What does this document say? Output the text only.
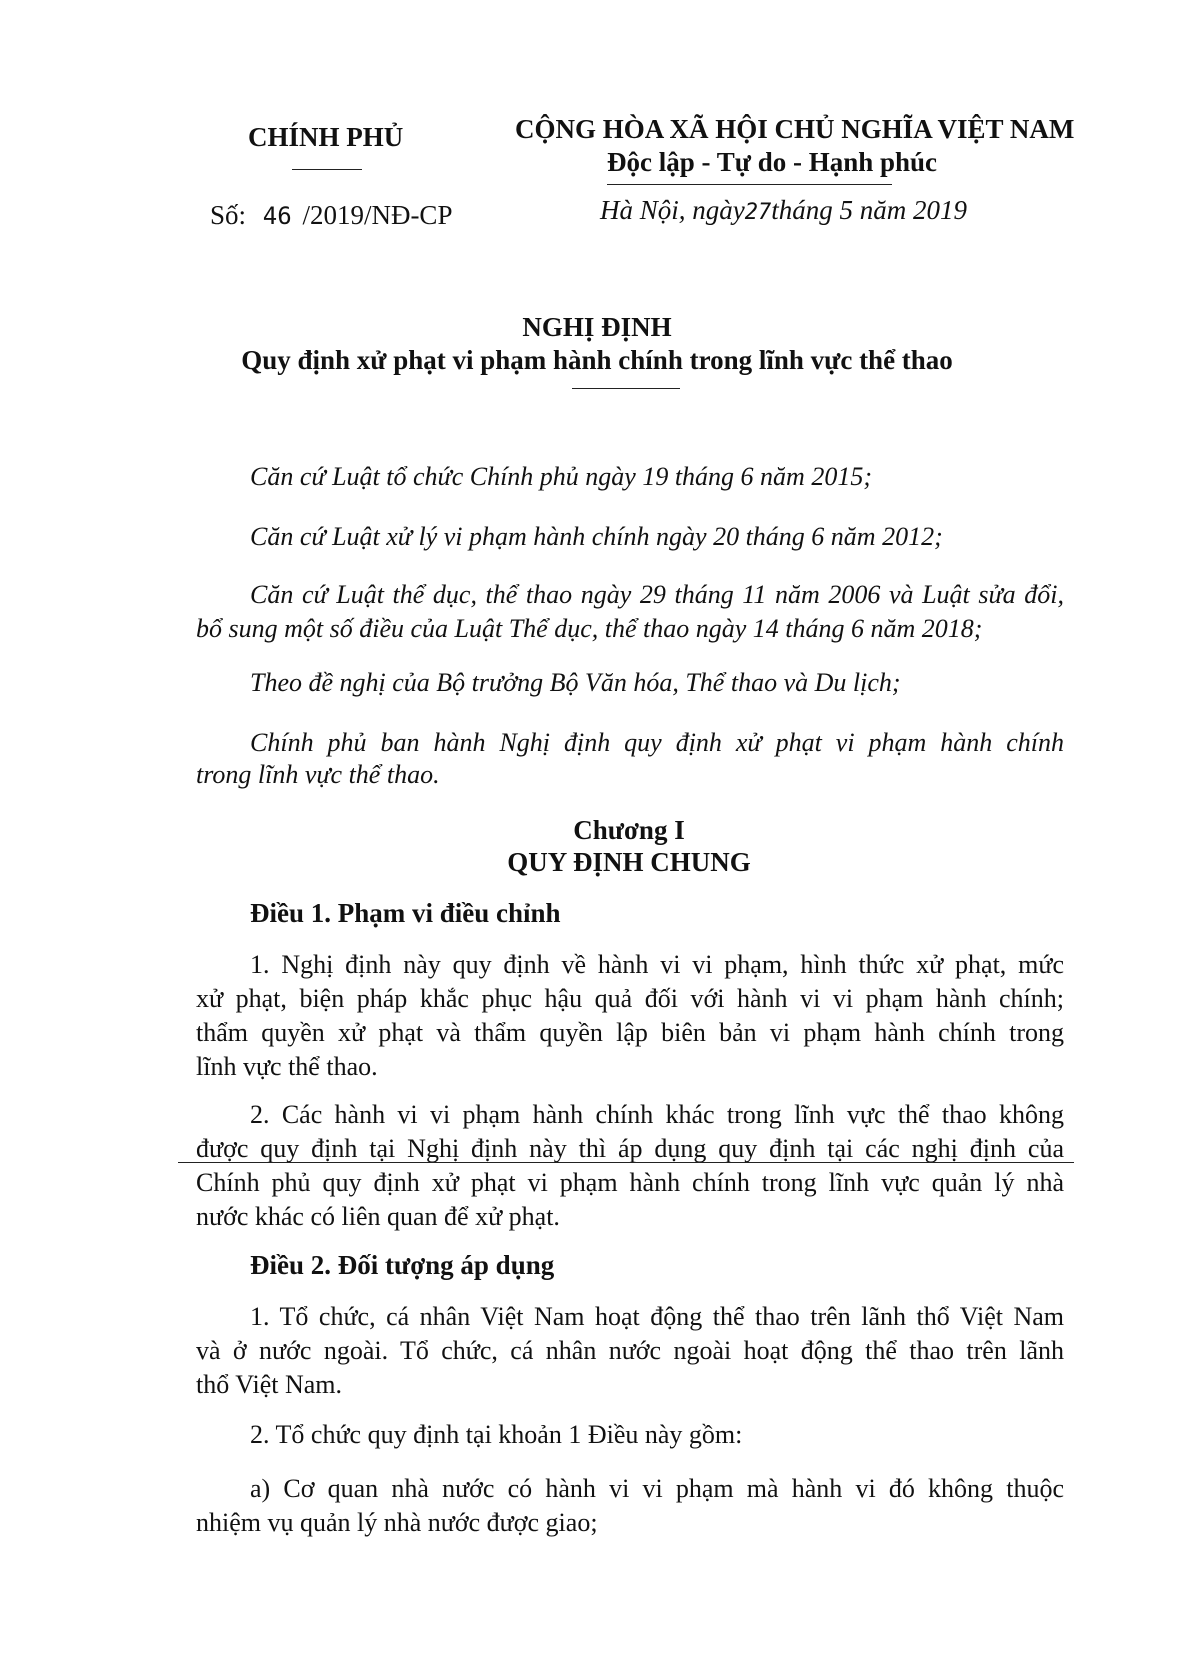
CHÍNH PHỦ
Số: 46 /2019/NĐ-CP
CỘNG HÒA XÃ HỘI CHỦ NGHĨA VIỆT NAM
Độc lập - Tự do - Hạnh phúc
Hà Nội, ngày27tháng 5 năm 2019
NGHỊ ĐỊNH
Quy định xử phạt vi phạm hành chính trong lĩnh vực thể thao
Căn cứ Luật tổ chức Chính phủ ngày 19 tháng 6 năm 2015;
Căn cứ Luật xử lý vi phạm hành chính ngày 20 tháng 6 năm 2012;
Căn cứ Luật thể dục, thể thao ngày 29 tháng 11 năm 2006 và Luật sửa đổi,
bổ sung một số điều của Luật Thể dục, thể thao ngày 14 tháng 6 năm 2018;
Theo đề nghị của Bộ trưởng Bộ Văn hóa, Thể thao và Du lịch;
Chính phủ ban hành Nghị định quy định xử phạt vi phạm hành chính
trong lĩnh vực thể thao.
Chương I
QUY ĐỊNH CHUNG
Điều 1. Phạm vi điều chỉnh
1. Nghị định này quy định về hành vi vi phạm, hình thức xử phạt, mức
xử phạt, biện pháp khắc phục hậu quả đối với hành vi vi phạm hành chính;
thẩm quyền xử phạt và thẩm quyền lập biên bản vi phạm hành chính trong
lĩnh vực thể thao.
2. Các hành vi vi phạm hành chính khác trong lĩnh vực thể thao không
được quy định tại Nghị định này thì áp dụng quy định tại các nghị định của
Chính phủ quy định xử phạt vi phạm hành chính trong lĩnh vực quản lý nhà
nước khác có liên quan để xử phạt.
Điều 2. Đối tượng áp dụng
1. Tổ chức, cá nhân Việt Nam hoạt động thể thao trên lãnh thổ Việt Nam
và ở nước ngoài. Tổ chức, cá nhân nước ngoài hoạt động thể thao trên lãnh
thổ Việt Nam.
2. Tổ chức quy định tại khoản 1 Điều này gồm:
a) Cơ quan nhà nước có hành vi vi phạm mà hành vi đó không thuộc
nhiệm vụ quản lý nhà nước được giao;
